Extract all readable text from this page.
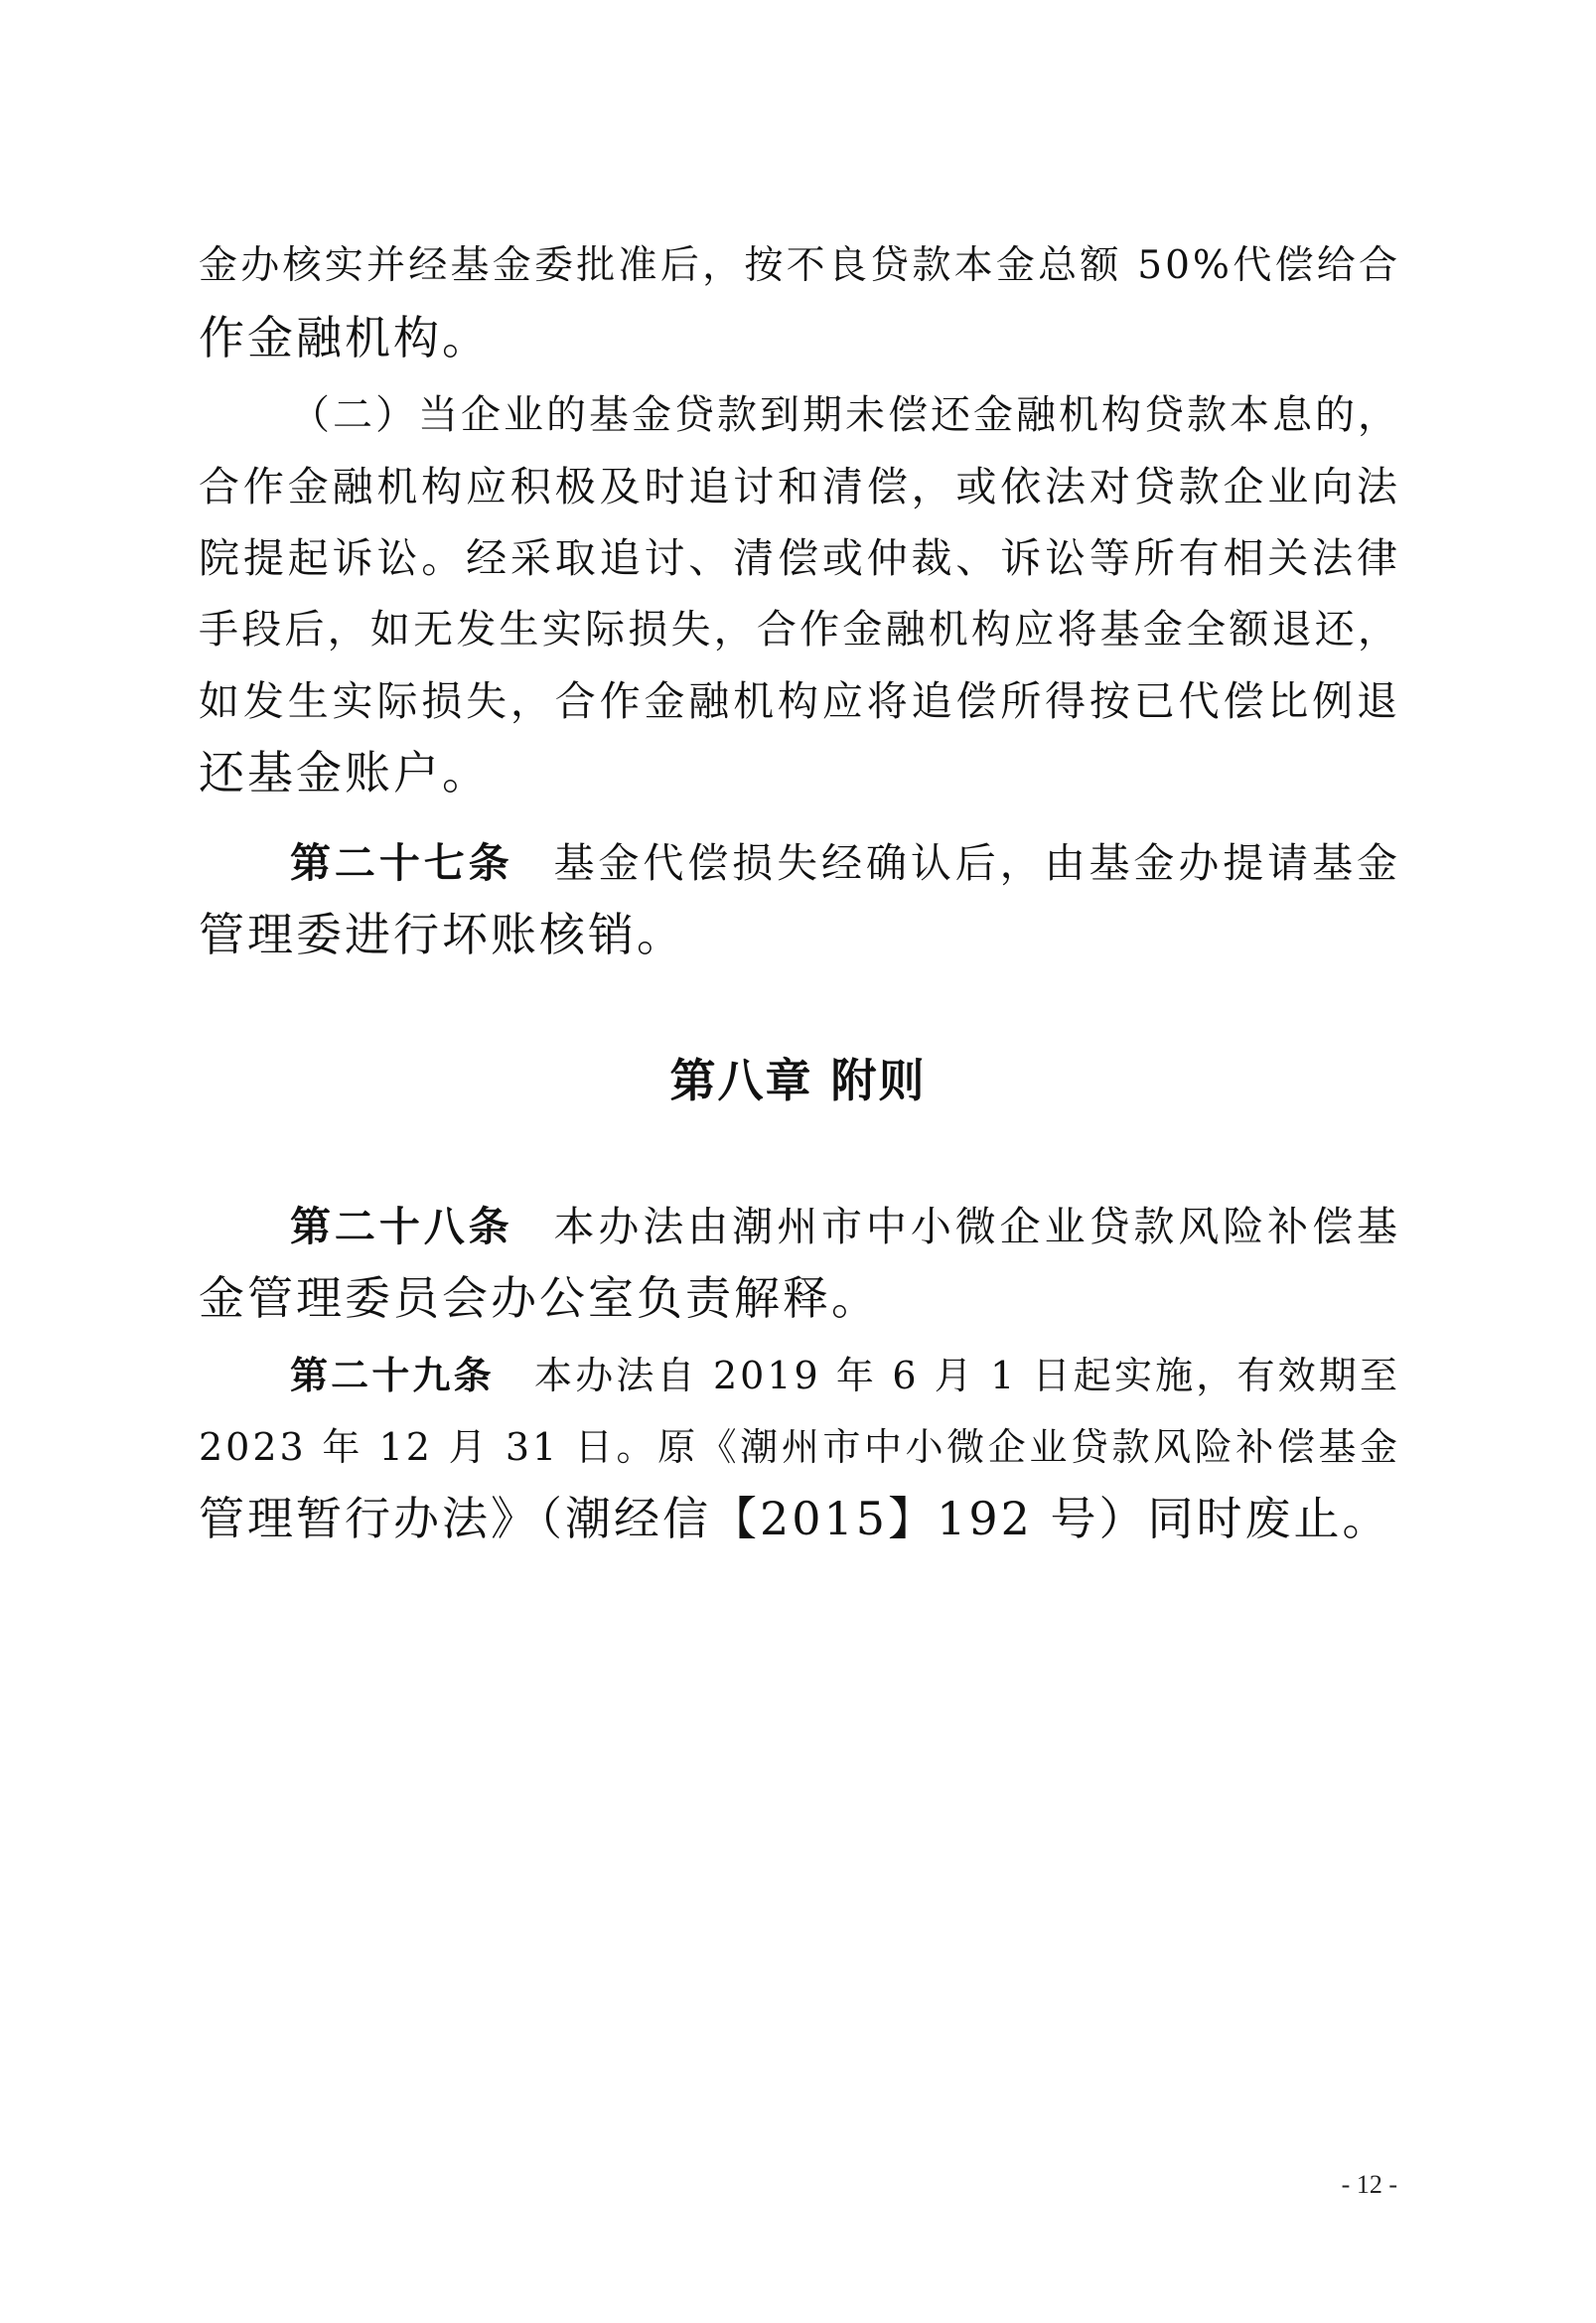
金办核实并经基金委批准后，按不良贷款本金总额 50%代偿给合
作金融机构。
（二）当企业的基金贷款到期未偿还金融机构贷款本息的，
合作金融机构应积极及时追讨和清偿，或依法对贷款企业向法
院提起诉讼。经采取追讨、清偿或仲裁、诉讼等所有相关法律
手段后，如无发生实际损失，合作金融机构应将基金全额退还，
如发生实际损失，合作金融机构应将追偿所得按已代偿比例退
还基金账户。
第二十七条 基金代偿损失经确认后，由基金办提请基金
管理委进行坏账核销。
第八章 附则
第二十八条 本办法由潮州市中小微企业贷款风险补偿基
金管理委员会办公室负责解释。
第二十九条 本办法自 2019 年 6 月 1 日起实施，有效期至
2023 年 12 月 31 日。原《潮州市中小微企业贷款风险补偿基金
管理暂行办法》（潮经信【2015】192 号）同时废止。
- 12 -
